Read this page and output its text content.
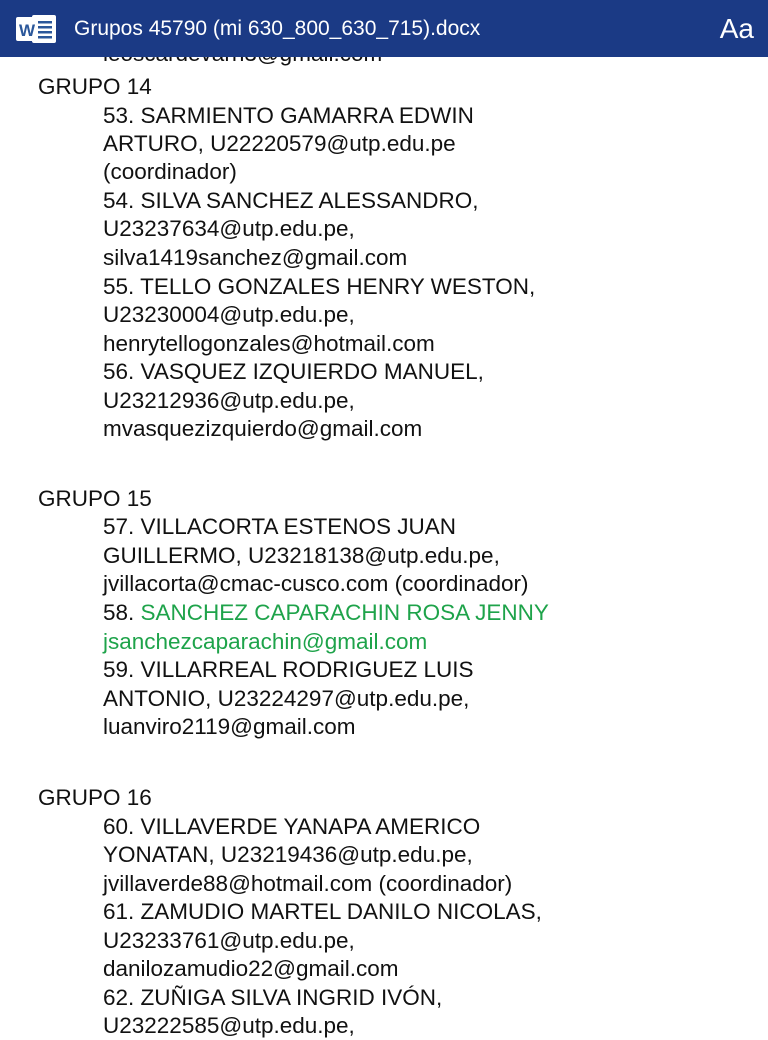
W Grupos 45790 (mi 630_800_630_715).docx	Aa
GRUPO 14
53. SARMIENTO GAMARRA EDWIN
ARTURO, U22220579@utp.edu.pe
(coordinador)
54. SILVA SANCHEZ ALESSANDRO,
U23237634@utp.edu.pe,
silva1419sanchez@gmail.com
55. TELLO GONZALES HENRY WESTON,
U23230004@utp.edu.pe,
henrytellogonzales@hotmail.com
56. VASQUEZ IZQUIERDO MANUEL,
U23212936@utp.edu.pe,
mvasquezizquierdo@gmail.com
GRUPO 15
57. VILLACORTA ESTENOS JUAN
GUILLERMO, U23218138@utp.edu.pe,
jvillacorta@cmac-cusco.com (coordinador)
58. SANCHEZ CAPARACHIN ROSA JENNY
jsanchezcaparachin@gmail.com
59. VILLARREAL RODRIGUEZ LUIS
ANTONIO, U23224297@utp.edu.pe,
luanviro2119@gmail.com
GRUPO 16
60. VILLAVERDE YANAPA AMERICO
YONATAN, U23219436@utp.edu.pe,
jvillaverde88@hotmail.com (coordinador)
61. ZAMUDIO MARTEL DANILO NICOLAS,
U23233761@utp.edu.pe,
danilozamudio22@gmail.com
62. ZUÑIGA SILVA INGRID IVÓN,
U23222585@utp.edu.pe,
